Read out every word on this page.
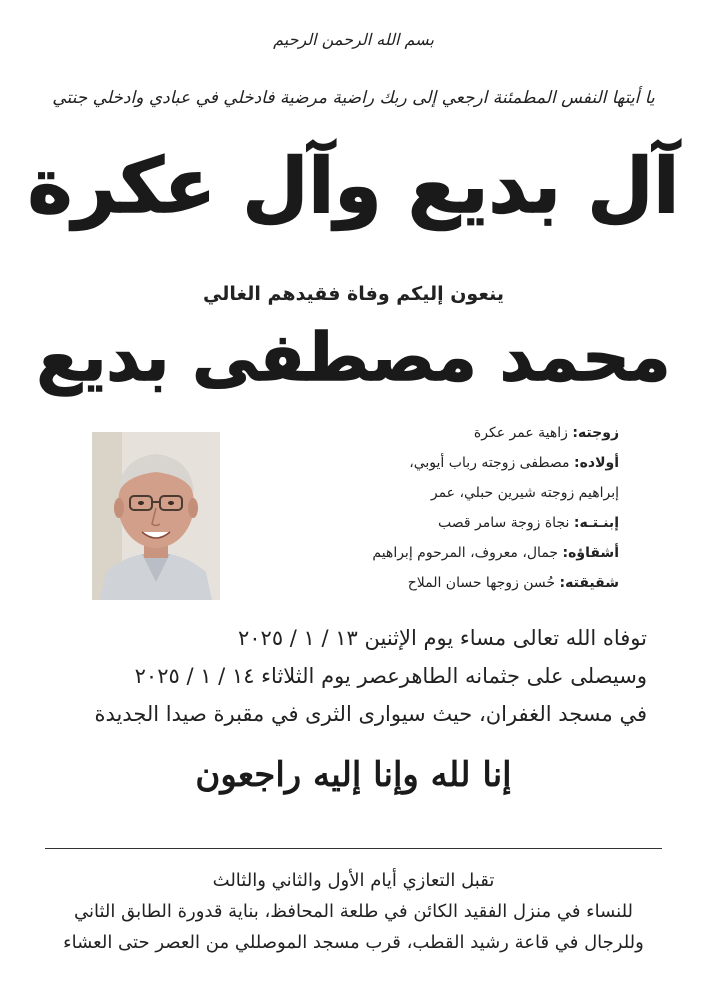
بسم الله الرحمن الرحيم
يا أيتها النفس المطمئنة ارجعي إلى ربك راضية مرضية فادخلي في عبادي وادخلي جنتي
آل بديع وآل عكرة
ينعون إليكم وفاة فقيدهم الغالي
محمد مصطفى بديع
زوجته: زاهية عمر عكرة
أولاده: مصطفى زوجته رباب أيوبي،
إبراهيم زوجته شيرين حبلي، عمر
إبنـتـه: نجاة زوجة سامر قصب
أشقاؤه: جمال، معروف، المرحوم إبراهيم
شقيقته: حُسن زوجها حسان الملاح
توفاه الله تعالى مساء يوم الإثنين ١٣ / ١ / ٢٠٢٥
وسيصلى على جثمانه الطاهرعصر يوم الثلاثاء ١٤ / ١ / ٢٠٢٥
في مسجد الغفران، حيث سيوارى الثرى في مقبرة صيدا الجديدة
إنا لله وإنا إليه راجعون
تقبل التعازي أيام الأول والثاني والثالث
للنساء في منزل الفقيد الكائن في طلعة المحافظ، بناية قدورة الطابق الثاني
وللرجال في قاعة رشيد القطب، قرب مسجد الموصللي من العصر حتى العشاء
